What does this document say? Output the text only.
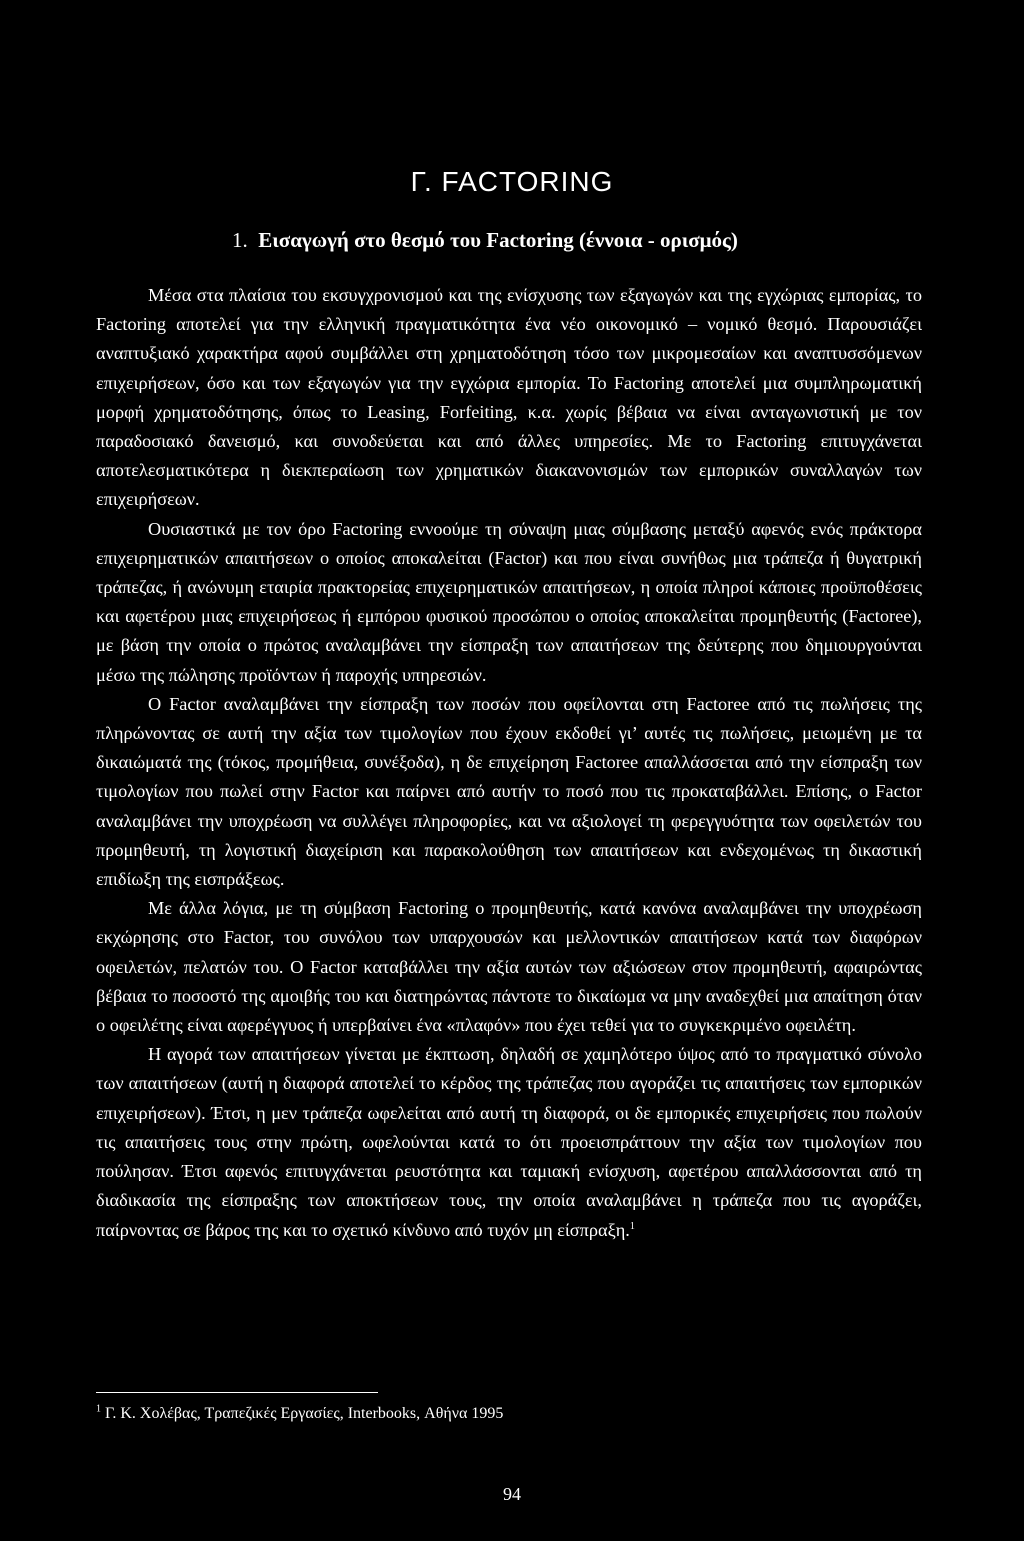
Γ. FACTORING
1. Εισαγωγή στο θεσμό του Factoring (έννοια - ορισμός)

Μέσα στα πλαίσια του εκσυγχρονισμού και της ενίσχυσης των εξαγωγών και της εγχώριας εμπορίας, το Factoring αποτελεί για την ελληνική πραγματικότητα ένα νέο οικονομικό – νομικό θεσμό. Παρουσιάζει αναπτυξιακό χαρακτήρα αφού συμβάλλει στη χρηματοδότηση τόσο των μικρομεσαίων και αναπτυσσόμενων επιχειρήσεων, όσο και των εξαγωγών για την εγχώρια εμπορία. Το Factoring αποτελεί μια συμπληρωματική μορφή χρηματοδότησης, όπως το Leasing, Forfeiting, κ.α. χωρίς βέβαια να είναι ανταγωνιστική με τον παραδοσιακό δανεισμό, και συνοδεύεται και από άλλες υπηρεσίες. Με το Factoring επιτυγχάνεται αποτελεσματικότερα η διεκπεραίωση των χρηματικών διακανονισμών των εμπορικών συναλλαγών των επιχειρήσεων.

Ουσιαστικά με τον όρο Factoring εννοούμε τη σύναψη μιας σύμβασης μεταξύ αφενός ενός πράκτορα επιχειρηματικών απαιτήσεων ο οποίος αποκαλείται (Factor) και που είναι συνήθως μια τράπεζα ή θυγατρική τράπεζας, ή ανώνυμη εταιρία πρακτορείας επιχειρηματικών απαιτήσεων, η οποία πληροί κάποιες προϋποθέσεις και αφετέρου μιας επιχειρήσεως ή εμπόρου φυσικού προσώπου ο οποίος αποκαλείται προμηθευτής (Factoree), με βάση την οποία ο πρώτος αναλαμβάνει την είσπραξη των απαιτήσεων της δεύτερης που δημιουργούνται μέσω της πώλησης προϊόντων ή παροχής υπηρεσιών.

Ο Factor αναλαμβάνει την είσπραξη των ποσών που οφείλονται στη Factoree από τις πωλήσεις της πληρώνοντας σε αυτή την αξία των τιμολογίων που έχουν εκδοθεί γι’ αυτές τις πωλήσεις, μειωμένη με τα δικαιώματά της (τόκος, προμήθεια, συνέξοδα), η δε επιχείρηση Factoree απαλλάσσεται από την είσπραξη των τιμολογίων που πωλεί στην Factor και παίρνει από αυτήν το ποσό που τις προκαταβάλλει. Επίσης, ο Factor αναλαμβάνει την υποχρέωση να συλλέγει πληροφορίες, και να αξιολογεί τη φερεγγυότητα των οφειλετών του προμηθευτή, τη λογιστική διαχείριση και παρακολούθηση των απαιτήσεων και ενδεχομένως τη δικαστική επιδίωξη της εισπράξεως.

Με άλλα λόγια, με τη σύμβαση Factoring ο προμηθευτής, κατά κανόνα αναλαμβάνει την υποχρέωση εκχώρησης στο Factor, του συνόλου των υπαρχουσών και μελλοντικών απαιτήσεων κατά των διαφόρων οφειλετών, πελατών του. Ο Factor καταβάλλει την αξία αυτών των αξιώσεων στον προμηθευτή, αφαιρώντας βέβαια το ποσοστό της αμοιβής του και διατηρώντας πάντοτε το δικαίωμα να μην αναδεχθεί μια απαίτηση όταν ο οφειλέτης είναι αφερέγγυος ή υπερβαίνει ένα «πλαφόν» που έχει τεθεί για το συγκεκριμένο οφειλέτη.

Η αγορά των απαιτήσεων γίνεται με έκπτωση, δηλαδή σε χαμηλότερο ύψος από το πραγματικό σύνολο των απαιτήσεων (αυτή η διαφορά αποτελεί το κέρδος της τράπεζας που αγοράζει τις απαιτήσεις των εμπορικών επιχειρήσεων). Έτσι, η μεν τράπεζα ωφελείται από αυτή τη διαφορά, οι δε εμπορικές επιχειρήσεις που πωλούν τις απαιτήσεις τους στην πρώτη, ωφελούνται κατά το ότι προεισπράττουν την αξία των τιμολογίων που πούλησαν. Έτσι αφενός επιτυγχάνεται ρευστότητα και ταμιακή ενίσχυση, αφετέρου απαλλάσσονται από τη διαδικασία της είσπραξης των αποκτήσεων τους, την οποία αναλαμβάνει η τράπεζα που τις αγοράζει, παίρνοντας σε βάρος της και το σχετικό κίνδυνο από τυχόν μη είσπραξη.$^1$

$^1$ Γ. Κ. Χολέβας, Τραπεζικές Εργασίες, Interbooks, Αθήνα 1995

94
